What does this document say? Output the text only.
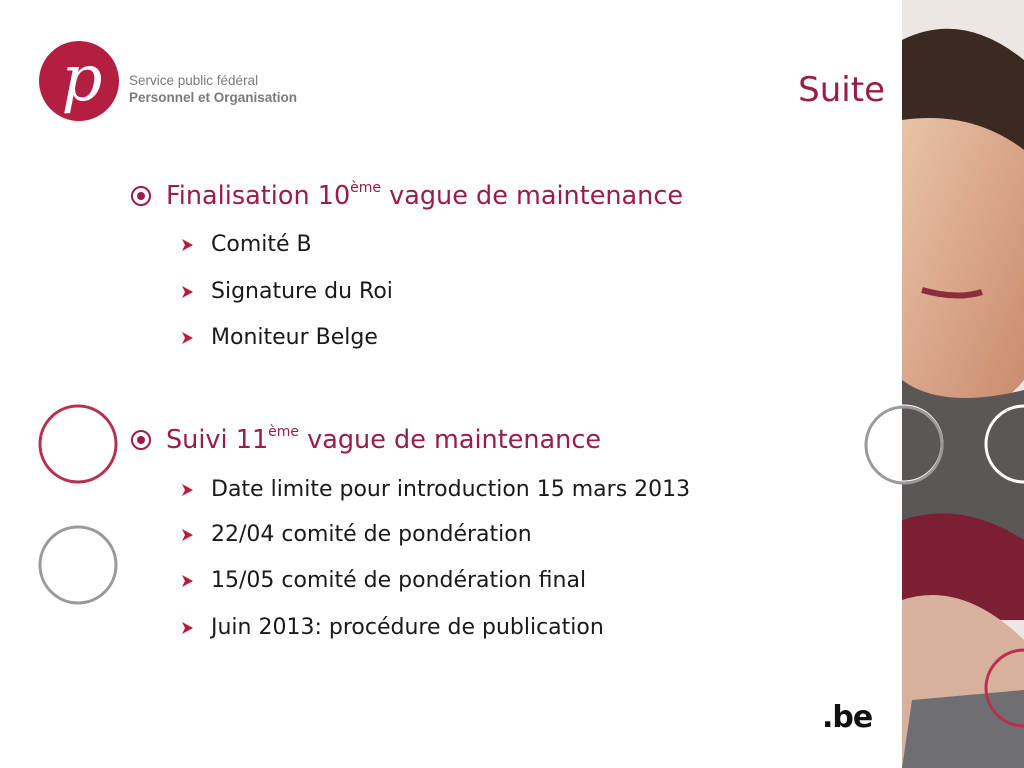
p Service public fédéral
Personnel et Organisation	Suite
Finalisation 10ème vague de maintenance
Comité B
Signature du Roi
Moniteur Belge
Suivi 11ème vague de maintenance
Date limite pour introduction 15 mars 2013
22/04 comité de pondération
15/05 comité de pondération final
Juin 2013: procédure de publication
.be
